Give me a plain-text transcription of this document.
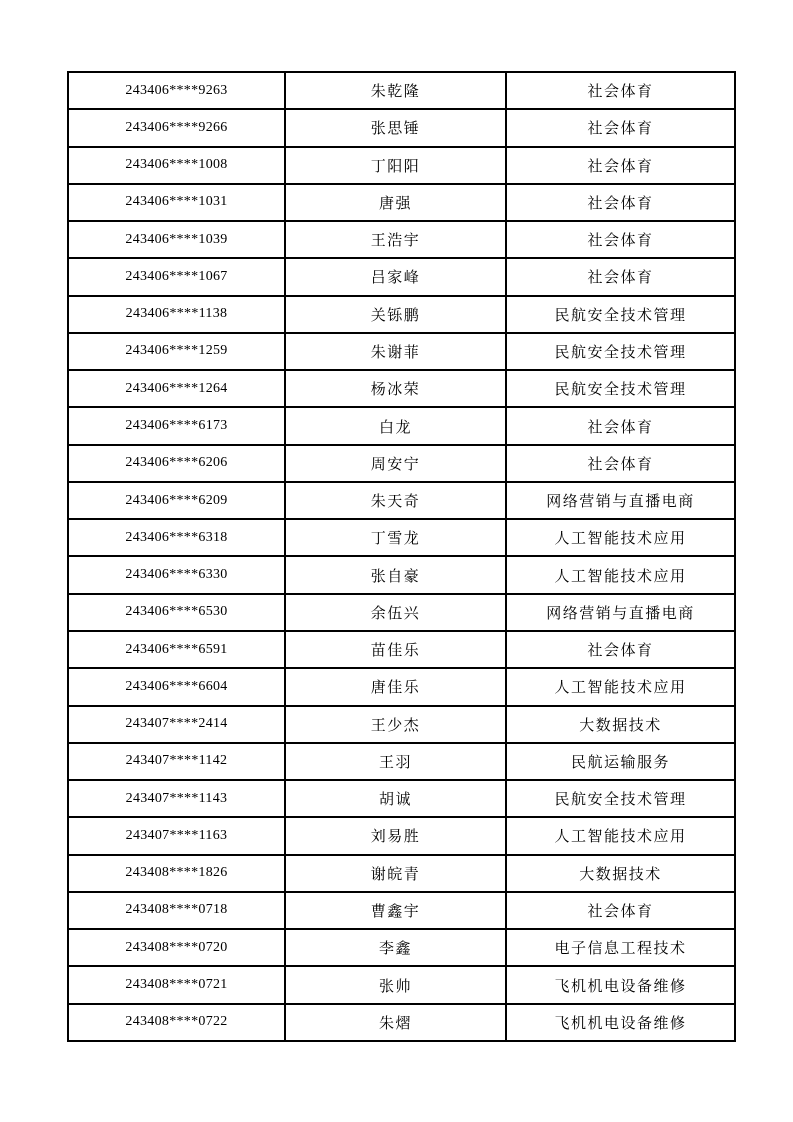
243406****9263	朱乾隆	社会体育
243406****9266	张思锤	社会体育
243406****1008	丁阳阳	社会体育
243406****1031	唐强	社会体育
243406****1039	王浩宇	社会体育
243406****1067	吕家峰	社会体育
243406****1138	关铄鹏	民航安全技术管理
243406****1259	朱谢菲	民航安全技术管理
243406****1264	杨冰荣	民航安全技术管理
243406****6173	白龙	社会体育
243406****6206	周安宁	社会体育
243406****6209	朱天奇	网络营销与直播电商
243406****6318	丁雪龙	人工智能技术应用
243406****6330	张自豪	人工智能技术应用
243406****6530	余伍兴	网络营销与直播电商
243406****6591	苗佳乐	社会体育
243406****6604	唐佳乐	人工智能技术应用
243407****2414	王少杰	大数据技术
243407****1142	王羽	民航运输服务
243407****1143	胡诚	民航安全技术管理
243407****1163	刘易胜	人工智能技术应用
243408****1826	谢皖青	大数据技术
243408****0718	曹鑫宇	社会体育
243408****0720	李鑫	电子信息工程技术
243408****0721	张帅	飞机机电设备维修
243408****0722	朱熠	飞机机电设备维修
